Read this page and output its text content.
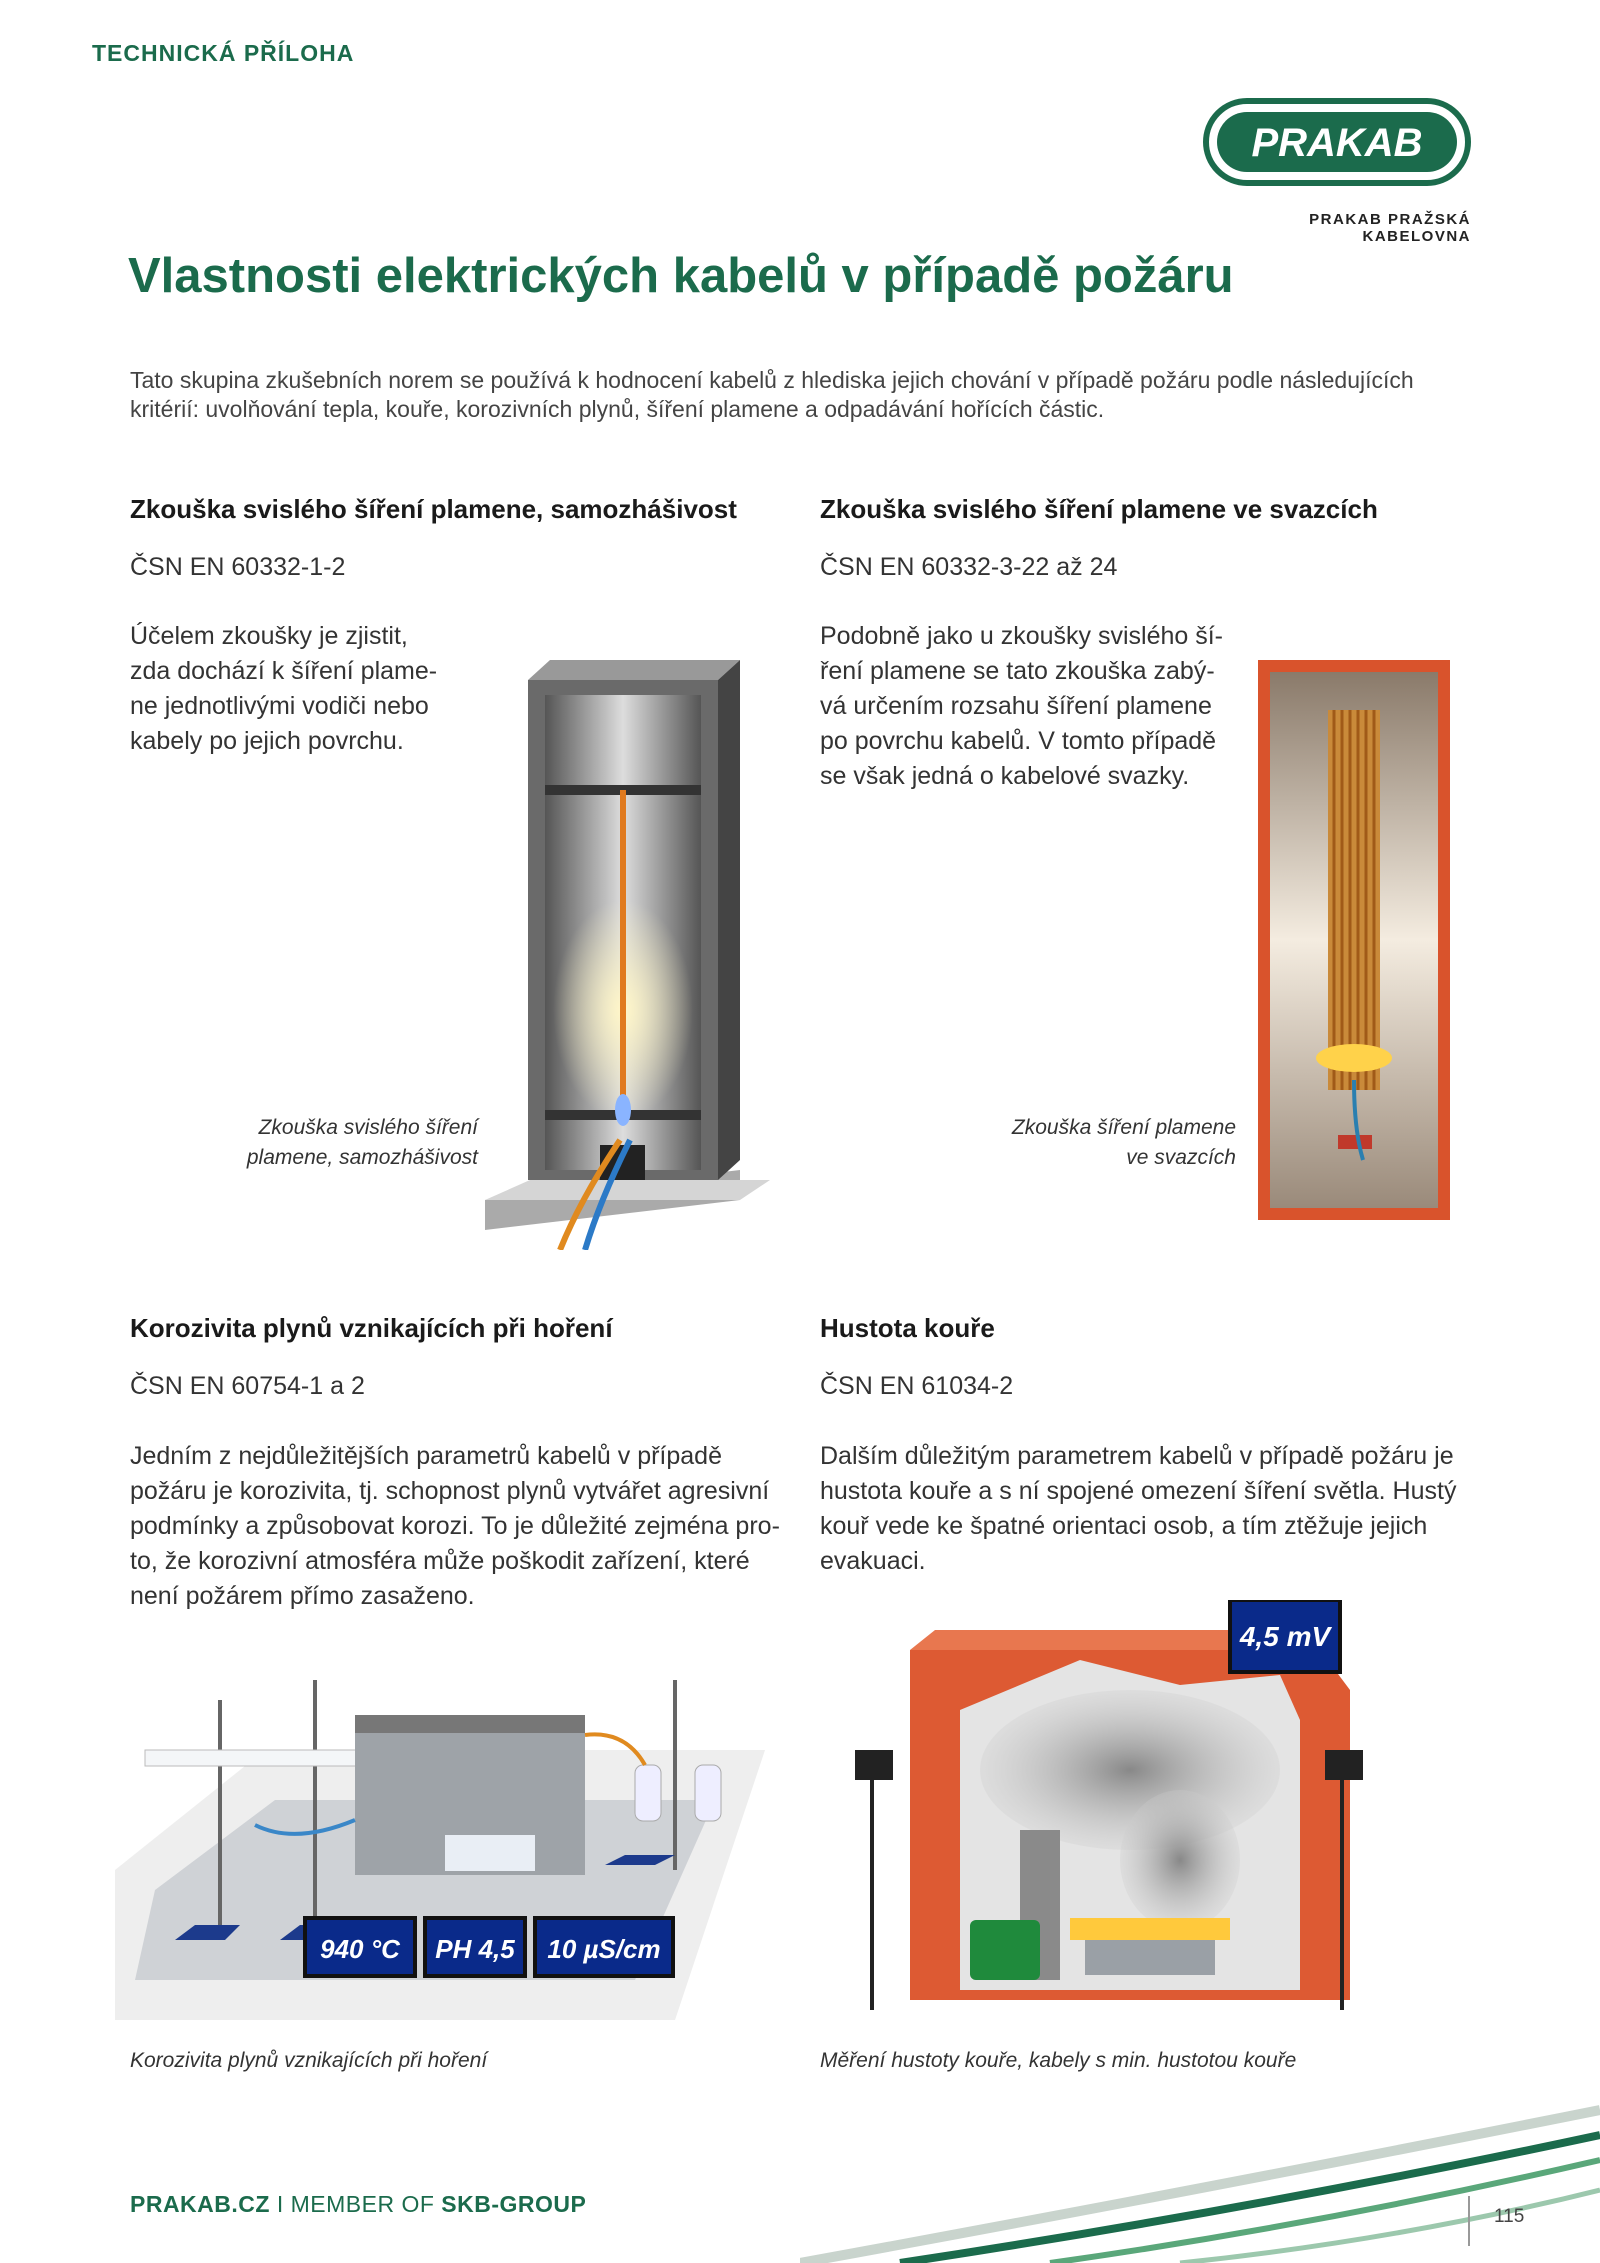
TECHNICKÁ PŘÍLOHA
PRAKAB
PRAKAB PRAŽSKÁ KABELOVNA
Vlastnosti elektrických kabelů v případě požáru
Tato skupina zkušebních norem se používá k hodnocení kabelů z hlediska jejich chování v případě požáru podle následujících kritérií: uvolňování tepla, kouře, korozivních plynů, šíření plamene a odpadávání hořících částic.
Zkouška svislého šíření plamene, samozhášivost
ČSN EN 60332-1-2
Účelem zkoušky je zjistit,
zda dochází k šíření plame-
ne jednotlivými vodiči nebo
kabely po jejich povrchu.
Zkouška svislého šíření
plamene, samozhášivost
Zkouška svislého šíření plamene ve svazcích
ČSN EN 60332-3-22 až 24
Podobně jako u zkoušky svislého ší-
ření plamene se tato zkouška zabý-
vá určením rozsahu šíření plamene
po povrchu kabelů. V tomto případě
se však jedná o kabelové svazky.
Zkouška šíření plamene
ve svazcích
Korozivita plynů vznikajících při hoření
ČSN EN 60754-1 a 2
Jedním z nejdůležitějších parametrů kabelů v případě
požáru je korozivita, tj. schopnost plynů vytvářet agresivní
podmínky a způsobovat korozi. To je důležité zejména pro-
to, že korozivní atmosféra může poškodit zařízení, které
není požárem přímo zasaženo.
940 °C PH 4,5 10 µS/cm
Korozivita plynů vznikajících při hoření
Hustota kouře
ČSN EN 61034-2
Dalším důležitým parametrem kabelů v případě požáru je
hustota kouře a s ní spojené omezení šíření světla. Hustý
kouř vede ke špatné orientaci osob, a tím ztěžuje jejich
evakuaci.
4,5 mV
Měření hustoty kouře, kabely s min. hustotou kouře
PRAKAB.CZ I MEMBER OF SKB-GROUP	115
